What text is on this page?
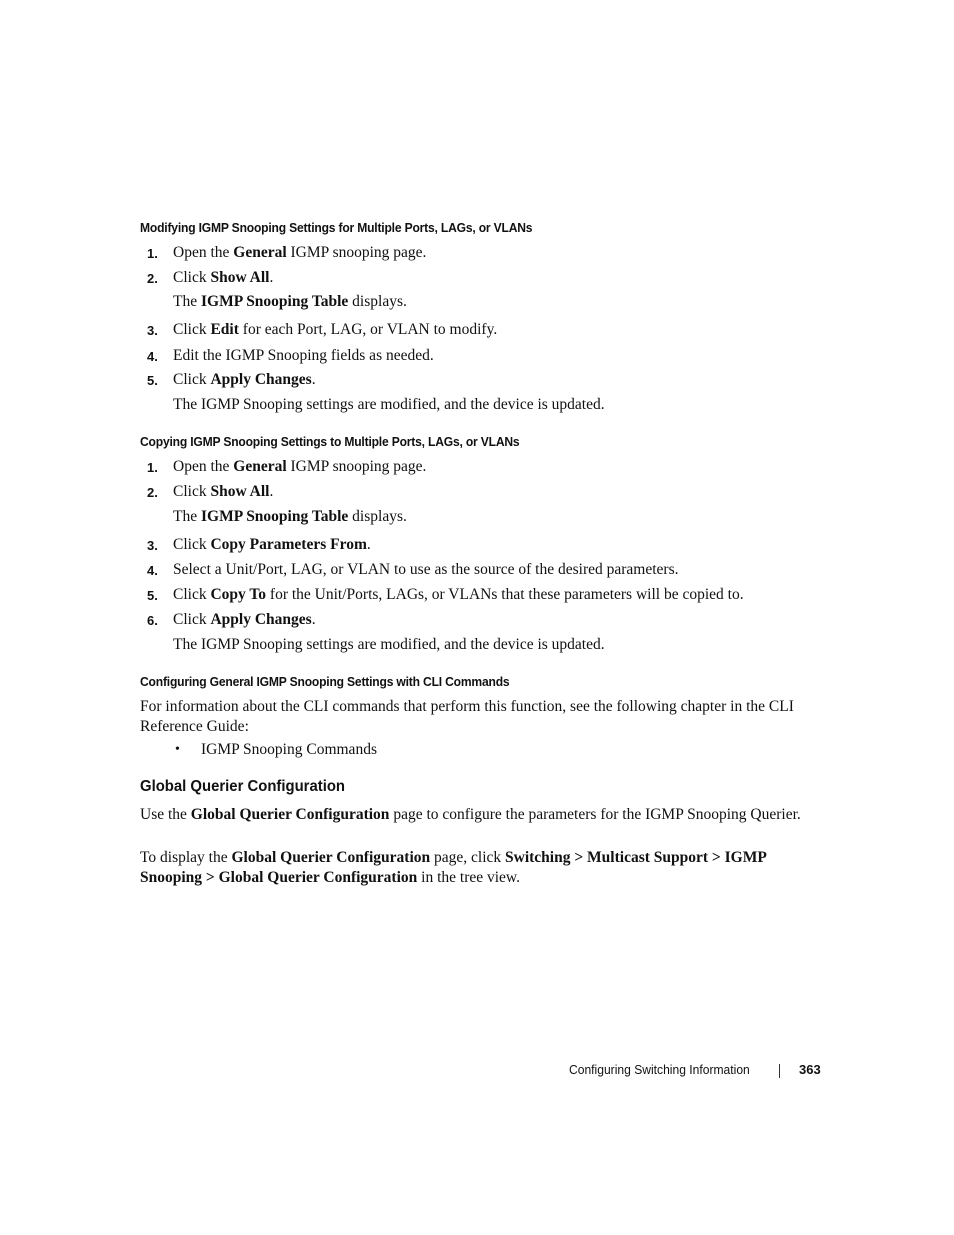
Modifying IGMP Snooping Settings for Multiple Ports, LAGs, or VLANs
1. Open the General IGMP snooping page.
2. Click Show All.
The IGMP Snooping Table displays.
3. Click Edit for each Port, LAG, or VLAN to modify.
4. Edit the IGMP Snooping fields as needed.
5. Click Apply Changes.
The IGMP Snooping settings are modified, and the device is updated.
Copying IGMP Snooping Settings to Multiple Ports, LAGs, or VLANs
1. Open the General IGMP snooping page.
2. Click Show All.
The IGMP Snooping Table displays.
3. Click Copy Parameters From.
4. Select a Unit/Port, LAG, or VLAN to use as the source of the desired parameters.
5. Click Copy To for the Unit/Ports, LAGs, or VLANs that these parameters will be copied to.
6. Click Apply Changes.
The IGMP Snooping settings are modified, and the device is updated.
Configuring General IGMP Snooping Settings with CLI Commands
For information about the CLI commands that perform this function, see the following chapter in the CLI Reference Guide:
• IGMP Snooping Commands
Global Querier Configuration
Use the Global Querier Configuration page to configure the parameters for the IGMP Snooping Querier.
To display the Global Querier Configuration page, click Switching > Multicast Support > IGMP Snooping > Global Querier Configuration in the tree view.
Configuring Switching Information	363
